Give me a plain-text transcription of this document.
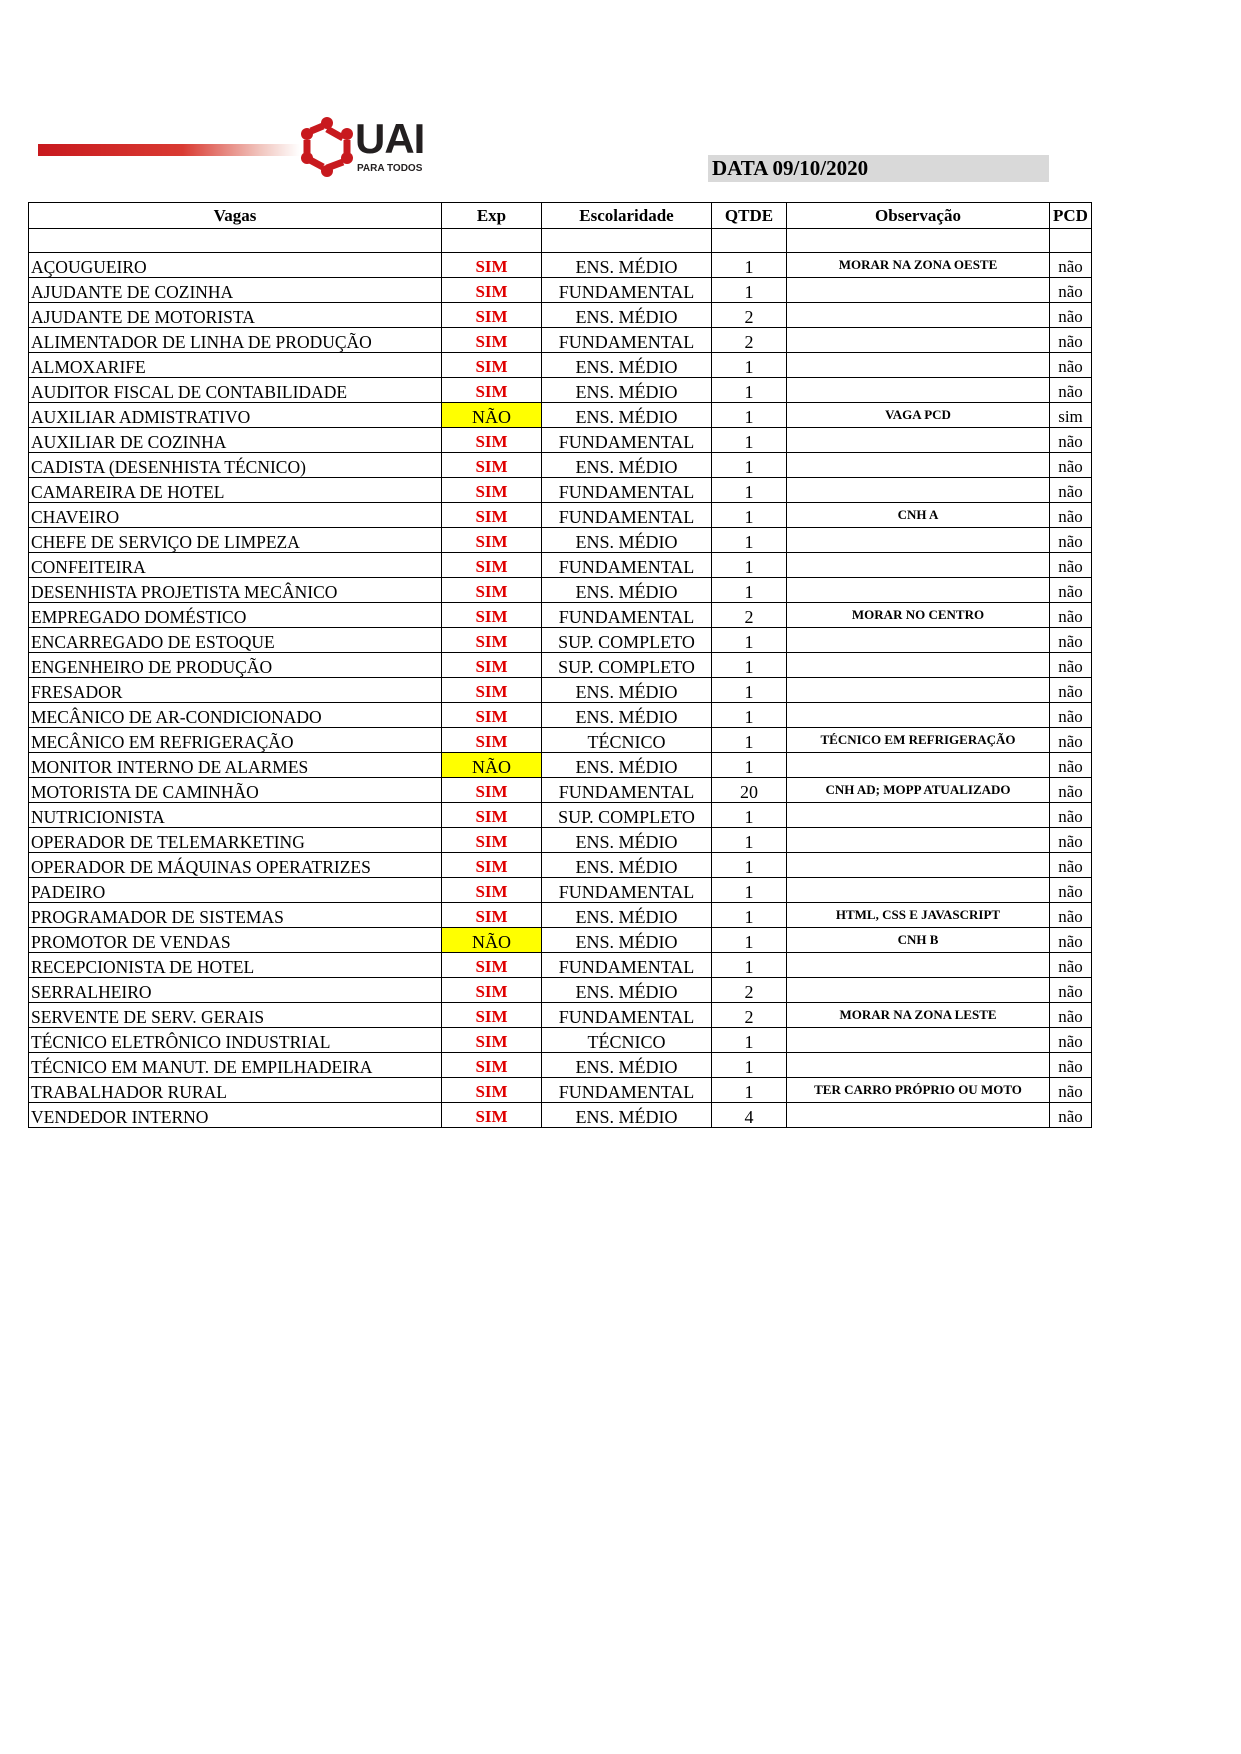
UAI
PARA TODOS	DATA 09/10/2020
Vagas	Exp	Escolaridade	QTDE	Observação	PCD

AÇOUGUEIRO	SIM	ENS. MÉDIO	1	MORAR NA ZONA OESTE	não
AJUDANTE DE COZINHA	SIM	FUNDAMENTAL	1		não
AJUDANTE DE MOTORISTA	SIM	ENS. MÉDIO	2		não
ALIMENTADOR DE LINHA DE PRODUÇÃO	SIM	FUNDAMENTAL	2		não
ALMOXARIFE	SIM	ENS. MÉDIO	1		não
AUDITOR FISCAL DE CONTABILIDADE	SIM	ENS. MÉDIO	1		não
AUXILIAR ADMISTRATIVO	NÃO	ENS. MÉDIO	1	VAGA PCD	sim
AUXILIAR DE COZINHA	SIM	FUNDAMENTAL	1		não
CADISTA (DESENHISTA TÉCNICO)	SIM	ENS. MÉDIO	1		não
CAMAREIRA DE HOTEL	SIM	FUNDAMENTAL	1		não
CHAVEIRO	SIM	FUNDAMENTAL	1	CNH A	não
CHEFE DE SERVIÇO DE LIMPEZA	SIM	ENS. MÉDIO	1		não
CONFEITEIRA	SIM	FUNDAMENTAL	1		não
DESENHISTA PROJETISTA MECÂNICO	SIM	ENS. MÉDIO	1		não
EMPREGADO DOMÉSTICO	SIM	FUNDAMENTAL	2	MORAR NO CENTRO	não
ENCARREGADO DE ESTOQUE	SIM	SUP. COMPLETO	1		não
ENGENHEIRO DE PRODUÇÃO	SIM	SUP. COMPLETO	1		não
FRESADOR	SIM	ENS. MÉDIO	1		não
MECÂNICO DE AR-CONDICIONADO	SIM	ENS. MÉDIO	1		não
MECÂNICO EM REFRIGERAÇÃO	SIM	TÉCNICO	1	TÉCNICO EM REFRIGERAÇÃO	não
MONITOR INTERNO DE ALARMES	NÃO	ENS. MÉDIO	1		não
MOTORISTA DE CAMINHÃO	SIM	FUNDAMENTAL	20	CNH AD; MOPP ATUALIZADO	não
NUTRICIONISTA	SIM	SUP. COMPLETO	1		não
OPERADOR DE TELEMARKETING	SIM	ENS. MÉDIO	1		não
OPERADOR DE MÁQUINAS OPERATRIZES	SIM	ENS. MÉDIO	1		não
PADEIRO	SIM	FUNDAMENTAL	1		não
PROGRAMADOR DE SISTEMAS	SIM	ENS. MÉDIO	1	HTML, CSS E JAVASCRIPT	não
PROMOTOR DE VENDAS	NÃO	ENS. MÉDIO	1	CNH B	não
RECEPCIONISTA DE HOTEL	SIM	FUNDAMENTAL	1		não
SERRALHEIRO	SIM	ENS. MÉDIO	2		não
SERVENTE DE SERV. GERAIS	SIM	FUNDAMENTAL	2	MORAR NA ZONA LESTE	não
TÉCNICO ELETRÔNICO INDUSTRIAL	SIM	TÉCNICO	1		não
TÉCNICO EM MANUT. DE EMPILHADEIRA	SIM	ENS. MÉDIO	1		não
TRABALHADOR RURAL	SIM	FUNDAMENTAL	1	TER CARRO PRÓPRIO OU MOTO	não
VENDEDOR INTERNO	SIM	ENS. MÉDIO	4		não
